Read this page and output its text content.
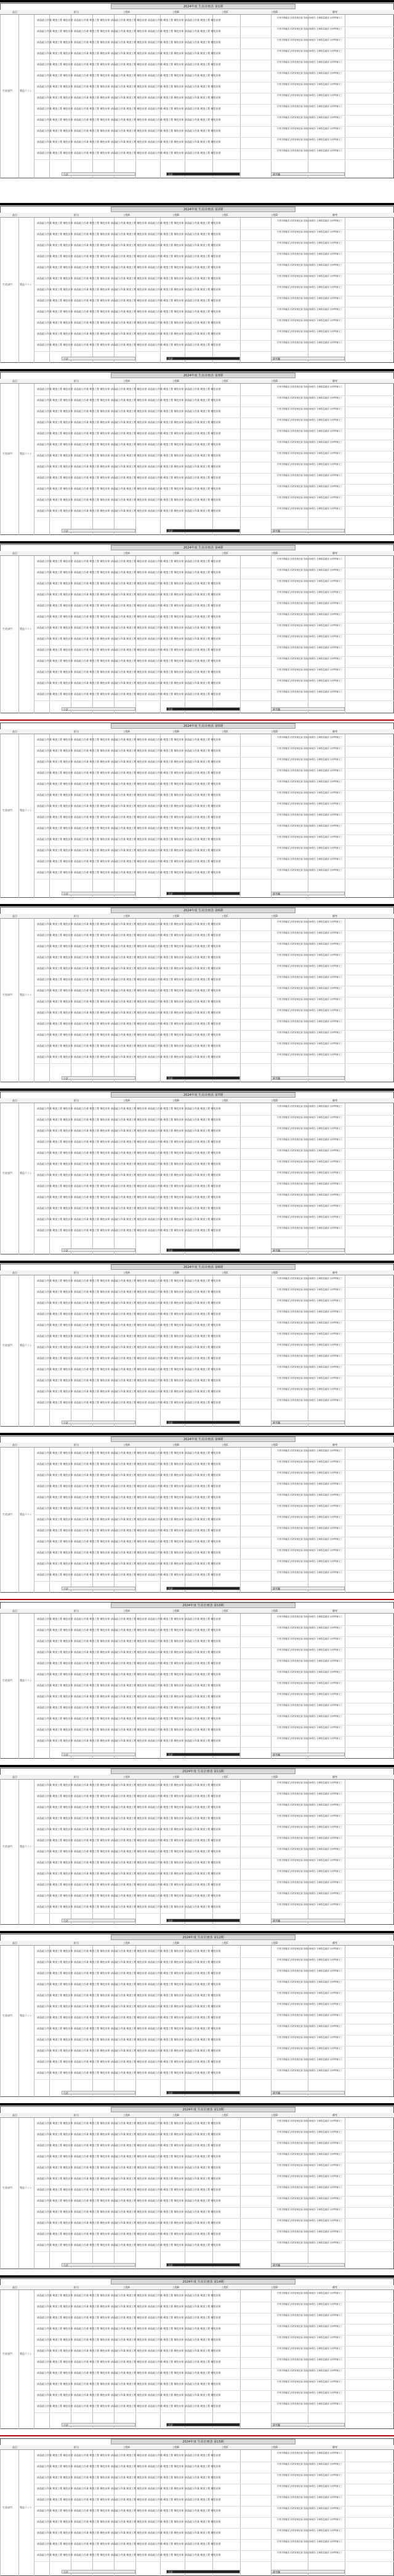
2024年度 生産計画表 第1期
品目	担当	工程A	工程B	工程C	工程D	備考
部品組立作業 検査工程 梱包出荷 部品組立作業 検査工程 梱包出荷 部品組立作業 検査工程 梱包出荷 部品組立作業 検査工程 梱包出荷 部品組立作業 検査工程 梱包出荷
作業手順確認 品質管理記録 設備点検報告 在庫数量確認 出荷準備完了
部品組立作業 検査工程 梱包出荷 部品組立作業 検査工程 梱包出荷 部品組立作業 検査工程 梱包出荷 部品組立作業 検査工程 梱包出荷 部品組立作業 検査工程 梱包出荷
作業手順確認 品質管理記録 設備点検報告 在庫数量確認 出荷準備完了
部品組立作業 検査工程 梱包出荷 部品組立作業 検査工程 梱包出荷 部品組立作業 検査工程 梱包出荷 部品組立作業 検査工程 梱包出荷 部品組立作業 検査工程 梱包出荷
作業手順確認 品質管理記録 設備点検報告 在庫数量確認 出荷準備完了
部品組立作業 検査工程 梱包出荷 部品組立作業 検査工程 梱包出荷 部品組立作業 検査工程 梱包出荷 部品組立作業 検査工程 梱包出荷 部品組立作業 検査工程 梱包出荷
作業手順確認 品質管理記録 設備点検報告 在庫数量確認 出荷準備完了
部品組立作業 検査工程 梱包出荷 部品組立作業 検査工程 梱包出荷 部品組立作業 検査工程 梱包出荷 部品組立作業 検査工程 梱包出荷 部品組立作業 検査工程 梱包出荷
作業手順確認 品質管理記録 設備点検報告 在庫数量確認 出荷準備完了
部品組立作業 検査工程 梱包出荷 部品組立作業 検査工程 梱包出荷 部品組立作業 検査工程 梱包出荷 部品組立作業 検査工程 梱包出荷 部品組立作業 検査工程 梱包出荷
作業手順確認 品質管理記録 設備点検報告 在庫数量確認 出荷準備完了
部品組立作業 検査工程 梱包出荷 部品組立作業 検査工程 梱包出荷 部品組立作業 検査工程 梱包出荷 部品組立作業 検査工程 梱包出荷 部品組立作業 検査工程 梱包出荷
作業手順確認 品質管理記録 設備点検報告 在庫数量確認 出荷準備完了
部品組立作業 検査工程 梱包出荷 部品組立作業 検査工程 梱包出荷 部品組立作業 検査工程 梱包出荷 部品組立作業 検査工程 梱包出荷 部品組立作業 検査工程 梱包出荷
作業手順確認 品質管理記録 設備点検報告 在庫数量確認 出荷準備完了
部品組立作業 検査工程 梱包出荷 部品組立作業 検査工程 梱包出荷 部品組立作業 検査工程 梱包出荷 部品組立作業 検査工程 梱包出荷 部品組立作業 検査工程 梱包出荷
作業手順確認 品質管理記録 設備点検報告 在庫数量確認 出荷準備完了
部品組立作業 検査工程 梱包出荷 部品組立作業 検査工程 梱包出荷 部品組立作業 検査工程 梱包出荷 部品組立作業 検査工程 梱包出荷 部品組立作業 検査工程 梱包出荷
作業手順確認 品質管理記録 設備点検報告 在庫数量確認 出荷準備完了
部品組立作業 検査工程 梱包出荷 部品組立作業 検査工程 梱包出荷 部品組立作業 検査工程 梱包出荷 部品組立作業 検査工程 梱包出荷 部品組立作業 検査工程 梱包出荷
作業手順確認 品質管理記録 設備点検報告 在庫数量確認 出荷準備完了
部品組立作業 検査工程 梱包出荷 部品組立作業 検査工程 梱包出荷 部品組立作業 検査工程 梱包出荷 部品組立作業 検査工程 梱包出荷 部品組立作業 検査工程 梱包出荷
作業手順確認 品質管理記録 設備点検報告 在庫数量確認 出荷準備完了
部品組立作業 検査工程 梱包出荷 部品組立作業 検査工程 梱包出荷 部品組立作業 検査工程 梱包出荷 部品組立作業 検査工程 梱包出荷 部品組立作業 検査工程 梱包出荷
作業手順確認 品質管理記録 設備点検報告 在庫数量確認 出荷準備完了
生産部門	製造ライン
小計	合計	備考欄
2024年度 生産計画表 第2期
品目	担当	工程A	工程B	工程C	工程D	備考
部品組立作業 検査工程 梱包出荷 部品組立作業 検査工程 梱包出荷 部品組立作業 検査工程 梱包出荷 部品組立作業 検査工程 梱包出荷 部品組立作業 検査工程 梱包出荷
作業手順確認 品質管理記録 設備点検報告 在庫数量確認 出荷準備完了
部品組立作業 検査工程 梱包出荷 部品組立作業 検査工程 梱包出荷 部品組立作業 検査工程 梱包出荷 部品組立作業 検査工程 梱包出荷 部品組立作業 検査工程 梱包出荷
作業手順確認 品質管理記録 設備点検報告 在庫数量確認 出荷準備完了
部品組立作業 検査工程 梱包出荷 部品組立作業 検査工程 梱包出荷 部品組立作業 検査工程 梱包出荷 部品組立作業 検査工程 梱包出荷 部品組立作業 検査工程 梱包出荷
作業手順確認 品質管理記録 設備点検報告 在庫数量確認 出荷準備完了
部品組立作業 検査工程 梱包出荷 部品組立作業 検査工程 梱包出荷 部品組立作業 検査工程 梱包出荷 部品組立作業 検査工程 梱包出荷 部品組立作業 検査工程 梱包出荷
作業手順確認 品質管理記録 設備点検報告 在庫数量確認 出荷準備完了
部品組立作業 検査工程 梱包出荷 部品組立作業 検査工程 梱包出荷 部品組立作業 検査工程 梱包出荷 部品組立作業 検査工程 梱包出荷 部品組立作業 検査工程 梱包出荷
作業手順確認 品質管理記録 設備点検報告 在庫数量確認 出荷準備完了
部品組立作業 検査工程 梱包出荷 部品組立作業 検査工程 梱包出荷 部品組立作業 検査工程 梱包出荷 部品組立作業 検査工程 梱包出荷 部品組立作業 検査工程 梱包出荷
作業手順確認 品質管理記録 設備点検報告 在庫数量確認 出荷準備完了
部品組立作業 検査工程 梱包出荷 部品組立作業 検査工程 梱包出荷 部品組立作業 検査工程 梱包出荷 部品組立作業 検査工程 梱包出荷 部品組立作業 検査工程 梱包出荷
作業手順確認 品質管理記録 設備点検報告 在庫数量確認 出荷準備完了
部品組立作業 検査工程 梱包出荷 部品組立作業 検査工程 梱包出荷 部品組立作業 検査工程 梱包出荷 部品組立作業 検査工程 梱包出荷 部品組立作業 検査工程 梱包出荷
作業手順確認 品質管理記録 設備点検報告 在庫数量確認 出荷準備完了
部品組立作業 検査工程 梱包出荷 部品組立作業 検査工程 梱包出荷 部品組立作業 検査工程 梱包出荷 部品組立作業 検査工程 梱包出荷 部品組立作業 検査工程 梱包出荷
作業手順確認 品質管理記録 設備点検報告 在庫数量確認 出荷準備完了
部品組立作業 検査工程 梱包出荷 部品組立作業 検査工程 梱包出荷 部品組立作業 検査工程 梱包出荷 部品組立作業 検査工程 梱包出荷 部品組立作業 検査工程 梱包出荷
作業手順確認 品質管理記録 設備点検報告 在庫数量確認 出荷準備完了
部品組立作業 検査工程 梱包出荷 部品組立作業 検査工程 梱包出荷 部品組立作業 検査工程 梱包出荷 部品組立作業 検査工程 梱包出荷 部品組立作業 検査工程 梱包出荷
作業手順確認 品質管理記録 設備点検報告 在庫数量確認 出荷準備完了
部品組立作業 検査工程 梱包出荷 部品組立作業 検査工程 梱包出荷 部品組立作業 検査工程 梱包出荷 部品組立作業 検査工程 梱包出荷 部品組立作業 検査工程 梱包出荷
作業手順確認 品質管理記録 設備点検報告 在庫数量確認 出荷準備完了
生産部門	製造ライン
小計	合計	備考欄
2024年度 生産計画表 第3期
品目	担当	工程A	工程B	工程C	工程D	備考
部品組立作業 検査工程 梱包出荷 部品組立作業 検査工程 梱包出荷 部品組立作業 検査工程 梱包出荷 部品組立作業 検査工程 梱包出荷 部品組立作業 検査工程 梱包出荷
作業手順確認 品質管理記録 設備点検報告 在庫数量確認 出荷準備完了
部品組立作業 検査工程 梱包出荷 部品組立作業 検査工程 梱包出荷 部品組立作業 検査工程 梱包出荷 部品組立作業 検査工程 梱包出荷 部品組立作業 検査工程 梱包出荷
作業手順確認 品質管理記録 設備点検報告 在庫数量確認 出荷準備完了
部品組立作業 検査工程 梱包出荷 部品組立作業 検査工程 梱包出荷 部品組立作業 検査工程 梱包出荷 部品組立作業 検査工程 梱包出荷 部品組立作業 検査工程 梱包出荷
作業手順確認 品質管理記録 設備点検報告 在庫数量確認 出荷準備完了
部品組立作業 検査工程 梱包出荷 部品組立作業 検査工程 梱包出荷 部品組立作業 検査工程 梱包出荷 部品組立作業 検査工程 梱包出荷 部品組立作業 検査工程 梱包出荷
作業手順確認 品質管理記録 設備点検報告 在庫数量確認 出荷準備完了
部品組立作業 検査工程 梱包出荷 部品組立作業 検査工程 梱包出荷 部品組立作業 検査工程 梱包出荷 部品組立作業 検査工程 梱包出荷 部品組立作業 検査工程 梱包出荷
作業手順確認 品質管理記録 設備点検報告 在庫数量確認 出荷準備完了
部品組立作業 検査工程 梱包出荷 部品組立作業 検査工程 梱包出荷 部品組立作業 検査工程 梱包出荷 部品組立作業 検査工程 梱包出荷 部品組立作業 検査工程 梱包出荷
作業手順確認 品質管理記録 設備点検報告 在庫数量確認 出荷準備完了
部品組立作業 検査工程 梱包出荷 部品組立作業 検査工程 梱包出荷 部品組立作業 検査工程 梱包出荷 部品組立作業 検査工程 梱包出荷 部品組立作業 検査工程 梱包出荷
作業手順確認 品質管理記録 設備点検報告 在庫数量確認 出荷準備完了
部品組立作業 検査工程 梱包出荷 部品組立作業 検査工程 梱包出荷 部品組立作業 検査工程 梱包出荷 部品組立作業 検査工程 梱包出荷 部品組立作業 検査工程 梱包出荷
作業手順確認 品質管理記録 設備点検報告 在庫数量確認 出荷準備完了
部品組立作業 検査工程 梱包出荷 部品組立作業 検査工程 梱包出荷 部品組立作業 検査工程 梱包出荷 部品組立作業 検査工程 梱包出荷 部品組立作業 検査工程 梱包出荷
作業手順確認 品質管理記録 設備点検報告 在庫数量確認 出荷準備完了
部品組立作業 検査工程 梱包出荷 部品組立作業 検査工程 梱包出荷 部品組立作業 検査工程 梱包出荷 部品組立作業 検査工程 梱包出荷 部品組立作業 検査工程 梱包出荷
作業手順確認 品質管理記録 設備点検報告 在庫数量確認 出荷準備完了
部品組立作業 検査工程 梱包出荷 部品組立作業 検査工程 梱包出荷 部品組立作業 検査工程 梱包出荷 部品組立作業 検査工程 梱包出荷 部品組立作業 検査工程 梱包出荷
作業手順確認 品質管理記録 設備点検報告 在庫数量確認 出荷準備完了
部品組立作業 検査工程 梱包出荷 部品組立作業 検査工程 梱包出荷 部品組立作業 検査工程 梱包出荷 部品組立作業 検査工程 梱包出荷 部品組立作業 検査工程 梱包出荷
作業手順確認 品質管理記録 設備点検報告 在庫数量確認 出荷準備完了
生産部門	製造ライン
小計	合計	備考欄
2024年度 生産計画表 第4期
品目	担当	工程A	工程B	工程C	工程D	備考
部品組立作業 検査工程 梱包出荷 部品組立作業 検査工程 梱包出荷 部品組立作業 検査工程 梱包出荷 部品組立作業 検査工程 梱包出荷 部品組立作業 検査工程 梱包出荷
作業手順確認 品質管理記録 設備点検報告 在庫数量確認 出荷準備完了
部品組立作業 検査工程 梱包出荷 部品組立作業 検査工程 梱包出荷 部品組立作業 検査工程 梱包出荷 部品組立作業 検査工程 梱包出荷 部品組立作業 検査工程 梱包出荷
作業手順確認 品質管理記録 設備点検報告 在庫数量確認 出荷準備完了
部品組立作業 検査工程 梱包出荷 部品組立作業 検査工程 梱包出荷 部品組立作業 検査工程 梱包出荷 部品組立作業 検査工程 梱包出荷 部品組立作業 検査工程 梱包出荷
作業手順確認 品質管理記録 設備点検報告 在庫数量確認 出荷準備完了
部品組立作業 検査工程 梱包出荷 部品組立作業 検査工程 梱包出荷 部品組立作業 検査工程 梱包出荷 部品組立作業 検査工程 梱包出荷 部品組立作業 検査工程 梱包出荷
作業手順確認 品質管理記録 設備点検報告 在庫数量確認 出荷準備完了
部品組立作業 検査工程 梱包出荷 部品組立作業 検査工程 梱包出荷 部品組立作業 検査工程 梱包出荷 部品組立作業 検査工程 梱包出荷 部品組立作業 検査工程 梱包出荷
作業手順確認 品質管理記録 設備点検報告 在庫数量確認 出荷準備完了
部品組立作業 検査工程 梱包出荷 部品組立作業 検査工程 梱包出荷 部品組立作業 検査工程 梱包出荷 部品組立作業 検査工程 梱包出荷 部品組立作業 検査工程 梱包出荷
作業手順確認 品質管理記録 設備点検報告 在庫数量確認 出荷準備完了
部品組立作業 検査工程 梱包出荷 部品組立作業 検査工程 梱包出荷 部品組立作業 検査工程 梱包出荷 部品組立作業 検査工程 梱包出荷 部品組立作業 検査工程 梱包出荷
作業手順確認 品質管理記録 設備点検報告 在庫数量確認 出荷準備完了
部品組立作業 検査工程 梱包出荷 部品組立作業 検査工程 梱包出荷 部品組立作業 検査工程 梱包出荷 部品組立作業 検査工程 梱包出荷 部品組立作業 検査工程 梱包出荷
作業手順確認 品質管理記録 設備点検報告 在庫数量確認 出荷準備完了
部品組立作業 検査工程 梱包出荷 部品組立作業 検査工程 梱包出荷 部品組立作業 検査工程 梱包出荷 部品組立作業 検査工程 梱包出荷 部品組立作業 検査工程 梱包出荷
作業手順確認 品質管理記録 設備点検報告 在庫数量確認 出荷準備完了
部品組立作業 検査工程 梱包出荷 部品組立作業 検査工程 梱包出荷 部品組立作業 検査工程 梱包出荷 部品組立作業 検査工程 梱包出荷 部品組立作業 検査工程 梱包出荷
作業手順確認 品質管理記録 設備点検報告 在庫数量確認 出荷準備完了
部品組立作業 検査工程 梱包出荷 部品組立作業 検査工程 梱包出荷 部品組立作業 検査工程 梱包出荷 部品組立作業 検査工程 梱包出荷 部品組立作業 検査工程 梱包出荷
作業手順確認 品質管理記録 設備点検報告 在庫数量確認 出荷準備完了
部品組立作業 検査工程 梱包出荷 部品組立作業 検査工程 梱包出荷 部品組立作業 検査工程 梱包出荷 部品組立作業 検査工程 梱包出荷 部品組立作業 検査工程 梱包出荷
作業手順確認 品質管理記録 設備点検報告 在庫数量確認 出荷準備完了
部品組立作業 検査工程 梱包出荷 部品組立作業 検査工程 梱包出荷 部品組立作業 検査工程 梱包出荷 部品組立作業 検査工程 梱包出荷 部品組立作業 検査工程 梱包出荷
作業手順確認 品質管理記録 設備点検報告 在庫数量確認 出荷準備完了
生産部門	製造ライン
小計	合計	備考欄
2024年度 生産計画表 第5期
品目	担当	工程A	工程B	工程C	工程D	備考
部品組立作業 検査工程 梱包出荷 部品組立作業 検査工程 梱包出荷 部品組立作業 検査工程 梱包出荷 部品組立作業 検査工程 梱包出荷 部品組立作業 検査工程 梱包出荷
作業手順確認 品質管理記録 設備点検報告 在庫数量確認 出荷準備完了
部品組立作業 検査工程 梱包出荷 部品組立作業 検査工程 梱包出荷 部品組立作業 検査工程 梱包出荷 部品組立作業 検査工程 梱包出荷 部品組立作業 検査工程 梱包出荷
作業手順確認 品質管理記録 設備点検報告 在庫数量確認 出荷準備完了
部品組立作業 検査工程 梱包出荷 部品組立作業 検査工程 梱包出荷 部品組立作業 検査工程 梱包出荷 部品組立作業 検査工程 梱包出荷 部品組立作業 検査工程 梱包出荷
作業手順確認 品質管理記録 設備点検報告 在庫数量確認 出荷準備完了
部品組立作業 検査工程 梱包出荷 部品組立作業 検査工程 梱包出荷 部品組立作業 検査工程 梱包出荷 部品組立作業 検査工程 梱包出荷 部品組立作業 検査工程 梱包出荷
作業手順確認 品質管理記録 設備点検報告 在庫数量確認 出荷準備完了
部品組立作業 検査工程 梱包出荷 部品組立作業 検査工程 梱包出荷 部品組立作業 検査工程 梱包出荷 部品組立作業 検査工程 梱包出荷 部品組立作業 検査工程 梱包出荷
作業手順確認 品質管理記録 設備点検報告 在庫数量確認 出荷準備完了
部品組立作業 検査工程 梱包出荷 部品組立作業 検査工程 梱包出荷 部品組立作業 検査工程 梱包出荷 部品組立作業 検査工程 梱包出荷 部品組立作業 検査工程 梱包出荷
作業手順確認 品質管理記録 設備点検報告 在庫数量確認 出荷準備完了
部品組立作業 検査工程 梱包出荷 部品組立作業 検査工程 梱包出荷 部品組立作業 検査工程 梱包出荷 部品組立作業 検査工程 梱包出荷 部品組立作業 検査工程 梱包出荷
作業手順確認 品質管理記録 設備点検報告 在庫数量確認 出荷準備完了
部品組立作業 検査工程 梱包出荷 部品組立作業 検査工程 梱包出荷 部品組立作業 検査工程 梱包出荷 部品組立作業 検査工程 梱包出荷 部品組立作業 検査工程 梱包出荷
作業手順確認 品質管理記録 設備点検報告 在庫数量確認 出荷準備完了
部品組立作業 検査工程 梱包出荷 部品組立作業 検査工程 梱包出荷 部品組立作業 検査工程 梱包出荷 部品組立作業 検査工程 梱包出荷 部品組立作業 検査工程 梱包出荷
作業手順確認 品質管理記録 設備点検報告 在庫数量確認 出荷準備完了
部品組立作業 検査工程 梱包出荷 部品組立作業 検査工程 梱包出荷 部品組立作業 検査工程 梱包出荷 部品組立作業 検査工程 梱包出荷 部品組立作業 検査工程 梱包出荷
作業手順確認 品質管理記録 設備点検報告 在庫数量確認 出荷準備完了
部品組立作業 検査工程 梱包出荷 部品組立作業 検査工程 梱包出荷 部品組立作業 検査工程 梱包出荷 部品組立作業 検査工程 梱包出荷 部品組立作業 検査工程 梱包出荷
作業手順確認 品質管理記録 設備点検報告 在庫数量確認 出荷準備完了
部品組立作業 検査工程 梱包出荷 部品組立作業 検査工程 梱包出荷 部品組立作業 検査工程 梱包出荷 部品組立作業 検査工程 梱包出荷 部品組立作業 検査工程 梱包出荷
作業手順確認 品質管理記録 設備点検報告 在庫数量確認 出荷準備完了
部品組立作業 検査工程 梱包出荷 部品組立作業 検査工程 梱包出荷 部品組立作業 検査工程 梱包出荷 部品組立作業 検査工程 梱包出荷 部品組立作業 検査工程 梱包出荷
作業手順確認 品質管理記録 設備点検報告 在庫数量確認 出荷準備完了
生産部門	製造ライン
小計	合計	備考欄
2024年度 生産計画表 第6期
品目	担当	工程A	工程B	工程C	工程D	備考
部品組立作業 検査工程 梱包出荷 部品組立作業 検査工程 梱包出荷 部品組立作業 検査工程 梱包出荷 部品組立作業 検査工程 梱包出荷 部品組立作業 検査工程 梱包出荷
作業手順確認 品質管理記録 設備点検報告 在庫数量確認 出荷準備完了
部品組立作業 検査工程 梱包出荷 部品組立作業 検査工程 梱包出荷 部品組立作業 検査工程 梱包出荷 部品組立作業 検査工程 梱包出荷 部品組立作業 検査工程 梱包出荷
作業手順確認 品質管理記録 設備点検報告 在庫数量確認 出荷準備完了
部品組立作業 検査工程 梱包出荷 部品組立作業 検査工程 梱包出荷 部品組立作業 検査工程 梱包出荷 部品組立作業 検査工程 梱包出荷 部品組立作業 検査工程 梱包出荷
作業手順確認 品質管理記録 設備点検報告 在庫数量確認 出荷準備完了
部品組立作業 検査工程 梱包出荷 部品組立作業 検査工程 梱包出荷 部品組立作業 検査工程 梱包出荷 部品組立作業 検査工程 梱包出荷 部品組立作業 検査工程 梱包出荷
作業手順確認 品質管理記録 設備点検報告 在庫数量確認 出荷準備完了
部品組立作業 検査工程 梱包出荷 部品組立作業 検査工程 梱包出荷 部品組立作業 検査工程 梱包出荷 部品組立作業 検査工程 梱包出荷 部品組立作業 検査工程 梱包出荷
作業手順確認 品質管理記録 設備点検報告 在庫数量確認 出荷準備完了
部品組立作業 検査工程 梱包出荷 部品組立作業 検査工程 梱包出荷 部品組立作業 検査工程 梱包出荷 部品組立作業 検査工程 梱包出荷 部品組立作業 検査工程 梱包出荷
作業手順確認 品質管理記録 設備点検報告 在庫数量確認 出荷準備完了
部品組立作業 検査工程 梱包出荷 部品組立作業 検査工程 梱包出荷 部品組立作業 検査工程 梱包出荷 部品組立作業 検査工程 梱包出荷 部品組立作業 検査工程 梱包出荷
作業手順確認 品質管理記録 設備点検報告 在庫数量確認 出荷準備完了
部品組立作業 検査工程 梱包出荷 部品組立作業 検査工程 梱包出荷 部品組立作業 検査工程 梱包出荷 部品組立作業 検査工程 梱包出荷 部品組立作業 検査工程 梱包出荷
作業手順確認 品質管理記録 設備点検報告 在庫数量確認 出荷準備完了
部品組立作業 検査工程 梱包出荷 部品組立作業 検査工程 梱包出荷 部品組立作業 検査工程 梱包出荷 部品組立作業 検査工程 梱包出荷 部品組立作業 検査工程 梱包出荷
作業手順確認 品質管理記録 設備点検報告 在庫数量確認 出荷準備完了
部品組立作業 検査工程 梱包出荷 部品組立作業 検査工程 梱包出荷 部品組立作業 検査工程 梱包出荷 部品組立作業 検査工程 梱包出荷 部品組立作業 検査工程 梱包出荷
作業手順確認 品質管理記録 設備点検報告 在庫数量確認 出荷準備完了
部品組立作業 検査工程 梱包出荷 部品組立作業 検査工程 梱包出荷 部品組立作業 検査工程 梱包出荷 部品組立作業 検査工程 梱包出荷 部品組立作業 検査工程 梱包出荷
作業手順確認 品質管理記録 設備点検報告 在庫数量確認 出荷準備完了
部品組立作業 検査工程 梱包出荷 部品組立作業 検査工程 梱包出荷 部品組立作業 検査工程 梱包出荷 部品組立作業 検査工程 梱包出荷 部品組立作業 検査工程 梱包出荷
作業手順確認 品質管理記録 設備点検報告 在庫数量確認 出荷準備完了
部品組立作業 検査工程 梱包出荷 部品組立作業 検査工程 梱包出荷 部品組立作業 検査工程 梱包出荷 部品組立作業 検査工程 梱包出荷 部品組立作業 検査工程 梱包出荷
作業手順確認 品質管理記録 設備点検報告 在庫数量確認 出荷準備完了
生産部門	製造ライン
小計	合計	備考欄
2024年度 生産計画表 第7期
品目	担当	工程A	工程B	工程C	工程D	備考
部品組立作業 検査工程 梱包出荷 部品組立作業 検査工程 梱包出荷 部品組立作業 検査工程 梱包出荷 部品組立作業 検査工程 梱包出荷 部品組立作業 検査工程 梱包出荷
作業手順確認 品質管理記録 設備点検報告 在庫数量確認 出荷準備完了
部品組立作業 検査工程 梱包出荷 部品組立作業 検査工程 梱包出荷 部品組立作業 検査工程 梱包出荷 部品組立作業 検査工程 梱包出荷 部品組立作業 検査工程 梱包出荷
作業手順確認 品質管理記録 設備点検報告 在庫数量確認 出荷準備完了
部品組立作業 検査工程 梱包出荷 部品組立作業 検査工程 梱包出荷 部品組立作業 検査工程 梱包出荷 部品組立作業 検査工程 梱包出荷 部品組立作業 検査工程 梱包出荷
作業手順確認 品質管理記録 設備点検報告 在庫数量確認 出荷準備完了
部品組立作業 検査工程 梱包出荷 部品組立作業 検査工程 梱包出荷 部品組立作業 検査工程 梱包出荷 部品組立作業 検査工程 梱包出荷 部品組立作業 検査工程 梱包出荷
作業手順確認 品質管理記録 設備点検報告 在庫数量確認 出荷準備完了
部品組立作業 検査工程 梱包出荷 部品組立作業 検査工程 梱包出荷 部品組立作業 検査工程 梱包出荷 部品組立作業 検査工程 梱包出荷 部品組立作業 検査工程 梱包出荷
作業手順確認 品質管理記録 設備点検報告 在庫数量確認 出荷準備完了
部品組立作業 検査工程 梱包出荷 部品組立作業 検査工程 梱包出荷 部品組立作業 検査工程 梱包出荷 部品組立作業 検査工程 梱包出荷 部品組立作業 検査工程 梱包出荷
作業手順確認 品質管理記録 設備点検報告 在庫数量確認 出荷準備完了
部品組立作業 検査工程 梱包出荷 部品組立作業 検査工程 梱包出荷 部品組立作業 検査工程 梱包出荷 部品組立作業 検査工程 梱包出荷 部品組立作業 検査工程 梱包出荷
作業手順確認 品質管理記録 設備点検報告 在庫数量確認 出荷準備完了
部品組立作業 検査工程 梱包出荷 部品組立作業 検査工程 梱包出荷 部品組立作業 検査工程 梱包出荷 部品組立作業 検査工程 梱包出荷 部品組立作業 検査工程 梱包出荷
作業手順確認 品質管理記録 設備点検報告 在庫数量確認 出荷準備完了
部品組立作業 検査工程 梱包出荷 部品組立作業 検査工程 梱包出荷 部品組立作業 検査工程 梱包出荷 部品組立作業 検査工程 梱包出荷 部品組立作業 検査工程 梱包出荷
作業手順確認 品質管理記録 設備点検報告 在庫数量確認 出荷準備完了
部品組立作業 検査工程 梱包出荷 部品組立作業 検査工程 梱包出荷 部品組立作業 検査工程 梱包出荷 部品組立作業 検査工程 梱包出荷 部品組立作業 検査工程 梱包出荷
作業手順確認 品質管理記録 設備点検報告 在庫数量確認 出荷準備完了
部品組立作業 検査工程 梱包出荷 部品組立作業 検査工程 梱包出荷 部品組立作業 検査工程 梱包出荷 部品組立作業 検査工程 梱包出荷 部品組立作業 検査工程 梱包出荷
作業手順確認 品質管理記録 設備点検報告 在庫数量確認 出荷準備完了
部品組立作業 検査工程 梱包出荷 部品組立作業 検査工程 梱包出荷 部品組立作業 検査工程 梱包出荷 部品組立作業 検査工程 梱包出荷 部品組立作業 検査工程 梱包出荷
作業手順確認 品質管理記録 設備点検報告 在庫数量確認 出荷準備完了
生産部門	製造ライン
小計	合計	備考欄
2024年度 生産計画表 第8期
品目	担当	工程A	工程B	工程C	工程D	備考
部品組立作業 検査工程 梱包出荷 部品組立作業 検査工程 梱包出荷 部品組立作業 検査工程 梱包出荷 部品組立作業 検査工程 梱包出荷 部品組立作業 検査工程 梱包出荷
作業手順確認 品質管理記録 設備点検報告 在庫数量確認 出荷準備完了
部品組立作業 検査工程 梱包出荷 部品組立作業 検査工程 梱包出荷 部品組立作業 検査工程 梱包出荷 部品組立作業 検査工程 梱包出荷 部品組立作業 検査工程 梱包出荷
作業手順確認 品質管理記録 設備点検報告 在庫数量確認 出荷準備完了
部品組立作業 検査工程 梱包出荷 部品組立作業 検査工程 梱包出荷 部品組立作業 検査工程 梱包出荷 部品組立作業 検査工程 梱包出荷 部品組立作業 検査工程 梱包出荷
作業手順確認 品質管理記録 設備点検報告 在庫数量確認 出荷準備完了
部品組立作業 検査工程 梱包出荷 部品組立作業 検査工程 梱包出荷 部品組立作業 検査工程 梱包出荷 部品組立作業 検査工程 梱包出荷 部品組立作業 検査工程 梱包出荷
作業手順確認 品質管理記録 設備点検報告 在庫数量確認 出荷準備完了
部品組立作業 検査工程 梱包出荷 部品組立作業 検査工程 梱包出荷 部品組立作業 検査工程 梱包出荷 部品組立作業 検査工程 梱包出荷 部品組立作業 検査工程 梱包出荷
作業手順確認 品質管理記録 設備点検報告 在庫数量確認 出荷準備完了
部品組立作業 検査工程 梱包出荷 部品組立作業 検査工程 梱包出荷 部品組立作業 検査工程 梱包出荷 部品組立作業 検査工程 梱包出荷 部品組立作業 検査工程 梱包出荷
作業手順確認 品質管理記録 設備点検報告 在庫数量確認 出荷準備完了
部品組立作業 検査工程 梱包出荷 部品組立作業 検査工程 梱包出荷 部品組立作業 検査工程 梱包出荷 部品組立作業 検査工程 梱包出荷 部品組立作業 検査工程 梱包出荷
作業手順確認 品質管理記録 設備点検報告 在庫数量確認 出荷準備完了
部品組立作業 検査工程 梱包出荷 部品組立作業 検査工程 梱包出荷 部品組立作業 検査工程 梱包出荷 部品組立作業 検査工程 梱包出荷 部品組立作業 検査工程 梱包出荷
作業手順確認 品質管理記録 設備点検報告 在庫数量確認 出荷準備完了
部品組立作業 検査工程 梱包出荷 部品組立作業 検査工程 梱包出荷 部品組立作業 検査工程 梱包出荷 部品組立作業 検査工程 梱包出荷 部品組立作業 検査工程 梱包出荷
作業手順確認 品質管理記録 設備点検報告 在庫数量確認 出荷準備完了
部品組立作業 検査工程 梱包出荷 部品組立作業 検査工程 梱包出荷 部品組立作業 検査工程 梱包出荷 部品組立作業 検査工程 梱包出荷 部品組立作業 検査工程 梱包出荷
作業手順確認 品質管理記録 設備点検報告 在庫数量確認 出荷準備完了
部品組立作業 検査工程 梱包出荷 部品組立作業 検査工程 梱包出荷 部品組立作業 検査工程 梱包出荷 部品組立作業 検査工程 梱包出荷 部品組立作業 検査工程 梱包出荷
作業手順確認 品質管理記録 設備点検報告 在庫数量確認 出荷準備完了
部品組立作業 検査工程 梱包出荷 部品組立作業 検査工程 梱包出荷 部品組立作業 検査工程 梱包出荷 部品組立作業 検査工程 梱包出荷 部品組立作業 検査工程 梱包出荷
作業手順確認 品質管理記録 設備点検報告 在庫数量確認 出荷準備完了
生産部門	製造ライン
小計	合計	備考欄
2024年度 生産計画表 第9期
品目	担当	工程A	工程B	工程C	工程D	備考
部品組立作業 検査工程 梱包出荷 部品組立作業 検査工程 梱包出荷 部品組立作業 検査工程 梱包出荷 部品組立作業 検査工程 梱包出荷 部品組立作業 検査工程 梱包出荷
作業手順確認 品質管理記録 設備点検報告 在庫数量確認 出荷準備完了
部品組立作業 検査工程 梱包出荷 部品組立作業 検査工程 梱包出荷 部品組立作業 検査工程 梱包出荷 部品組立作業 検査工程 梱包出荷 部品組立作業 検査工程 梱包出荷
作業手順確認 品質管理記録 設備点検報告 在庫数量確認 出荷準備完了
部品組立作業 検査工程 梱包出荷 部品組立作業 検査工程 梱包出荷 部品組立作業 検査工程 梱包出荷 部品組立作業 検査工程 梱包出荷 部品組立作業 検査工程 梱包出荷
作業手順確認 品質管理記録 設備点検報告 在庫数量確認 出荷準備完了
部品組立作業 検査工程 梱包出荷 部品組立作業 検査工程 梱包出荷 部品組立作業 検査工程 梱包出荷 部品組立作業 検査工程 梱包出荷 部品組立作業 検査工程 梱包出荷
作業手順確認 品質管理記録 設備点検報告 在庫数量確認 出荷準備完了
部品組立作業 検査工程 梱包出荷 部品組立作業 検査工程 梱包出荷 部品組立作業 検査工程 梱包出荷 部品組立作業 検査工程 梱包出荷 部品組立作業 検査工程 梱包出荷
作業手順確認 品質管理記録 設備点検報告 在庫数量確認 出荷準備完了
部品組立作業 検査工程 梱包出荷 部品組立作業 検査工程 梱包出荷 部品組立作業 検査工程 梱包出荷 部品組立作業 検査工程 梱包出荷 部品組立作業 検査工程 梱包出荷
作業手順確認 品質管理記録 設備点検報告 在庫数量確認 出荷準備完了
部品組立作業 検査工程 梱包出荷 部品組立作業 検査工程 梱包出荷 部品組立作業 検査工程 梱包出荷 部品組立作業 検査工程 梱包出荷 部品組立作業 検査工程 梱包出荷
作業手順確認 品質管理記録 設備点検報告 在庫数量確認 出荷準備完了
部品組立作業 検査工程 梱包出荷 部品組立作業 検査工程 梱包出荷 部品組立作業 検査工程 梱包出荷 部品組立作業 検査工程 梱包出荷 部品組立作業 検査工程 梱包出荷
作業手順確認 品質管理記録 設備点検報告 在庫数量確認 出荷準備完了
部品組立作業 検査工程 梱包出荷 部品組立作業 検査工程 梱包出荷 部品組立作業 検査工程 梱包出荷 部品組立作業 検査工程 梱包出荷 部品組立作業 検査工程 梱包出荷
作業手順確認 品質管理記録 設備点検報告 在庫数量確認 出荷準備完了
部品組立作業 検査工程 梱包出荷 部品組立作業 検査工程 梱包出荷 部品組立作業 検査工程 梱包出荷 部品組立作業 検査工程 梱包出荷 部品組立作業 検査工程 梱包出荷
作業手順確認 品質管理記録 設備点検報告 在庫数量確認 出荷準備完了
部品組立作業 検査工程 梱包出荷 部品組立作業 検査工程 梱包出荷 部品組立作業 検査工程 梱包出荷 部品組立作業 検査工程 梱包出荷 部品組立作業 検査工程 梱包出荷
作業手順確認 品質管理記録 設備点検報告 在庫数量確認 出荷準備完了
部品組立作業 検査工程 梱包出荷 部品組立作業 検査工程 梱包出荷 部品組立作業 検査工程 梱包出荷 部品組立作業 検査工程 梱包出荷 部品組立作業 検査工程 梱包出荷
作業手順確認 品質管理記録 設備点検報告 在庫数量確認 出荷準備完了
生産部門	製造ライン
小計	合計	備考欄
2024年度 生産計画表 第10期
品目	担当	工程A	工程B	工程C	工程D	備考
部品組立作業 検査工程 梱包出荷 部品組立作業 検査工程 梱包出荷 部品組立作業 検査工程 梱包出荷 部品組立作業 検査工程 梱包出荷 部品組立作業 検査工程 梱包出荷
作業手順確認 品質管理記録 設備点検報告 在庫数量確認 出荷準備完了
部品組立作業 検査工程 梱包出荷 部品組立作業 検査工程 梱包出荷 部品組立作業 検査工程 梱包出荷 部品組立作業 検査工程 梱包出荷 部品組立作業 検査工程 梱包出荷
作業手順確認 品質管理記録 設備点検報告 在庫数量確認 出荷準備完了
部品組立作業 検査工程 梱包出荷 部品組立作業 検査工程 梱包出荷 部品組立作業 検査工程 梱包出荷 部品組立作業 検査工程 梱包出荷 部品組立作業 検査工程 梱包出荷
作業手順確認 品質管理記録 設備点検報告 在庫数量確認 出荷準備完了
部品組立作業 検査工程 梱包出荷 部品組立作業 検査工程 梱包出荷 部品組立作業 検査工程 梱包出荷 部品組立作業 検査工程 梱包出荷 部品組立作業 検査工程 梱包出荷
作業手順確認 品質管理記録 設備点検報告 在庫数量確認 出荷準備完了
部品組立作業 検査工程 梱包出荷 部品組立作業 検査工程 梱包出荷 部品組立作業 検査工程 梱包出荷 部品組立作業 検査工程 梱包出荷 部品組立作業 検査工程 梱包出荷
作業手順確認 品質管理記録 設備点検報告 在庫数量確認 出荷準備完了
部品組立作業 検査工程 梱包出荷 部品組立作業 検査工程 梱包出荷 部品組立作業 検査工程 梱包出荷 部品組立作業 検査工程 梱包出荷 部品組立作業 検査工程 梱包出荷
作業手順確認 品質管理記録 設備点検報告 在庫数量確認 出荷準備完了
部品組立作業 検査工程 梱包出荷 部品組立作業 検査工程 梱包出荷 部品組立作業 検査工程 梱包出荷 部品組立作業 検査工程 梱包出荷 部品組立作業 検査工程 梱包出荷
作業手順確認 品質管理記録 設備点検報告 在庫数量確認 出荷準備完了
部品組立作業 検査工程 梱包出荷 部品組立作業 検査工程 梱包出荷 部品組立作業 検査工程 梱包出荷 部品組立作業 検査工程 梱包出荷 部品組立作業 検査工程 梱包出荷
作業手順確認 品質管理記録 設備点検報告 在庫数量確認 出荷準備完了
部品組立作業 検査工程 梱包出荷 部品組立作業 検査工程 梱包出荷 部品組立作業 検査工程 梱包出荷 部品組立作業 検査工程 梱包出荷 部品組立作業 検査工程 梱包出荷
作業手順確認 品質管理記録 設備点検報告 在庫数量確認 出荷準備完了
部品組立作業 検査工程 梱包出荷 部品組立作業 検査工程 梱包出荷 部品組立作業 検査工程 梱包出荷 部品組立作業 検査工程 梱包出荷 部品組立作業 検査工程 梱包出荷
作業手順確認 品質管理記録 設備点検報告 在庫数量確認 出荷準備完了
部品組立作業 検査工程 梱包出荷 部品組立作業 検査工程 梱包出荷 部品組立作業 検査工程 梱包出荷 部品組立作業 検査工程 梱包出荷 部品組立作業 検査工程 梱包出荷
作業手順確認 品質管理記録 設備点検報告 在庫数量確認 出荷準備完了
部品組立作業 検査工程 梱包出荷 部品組立作業 検査工程 梱包出荷 部品組立作業 検査工程 梱包出荷 部品組立作業 検査工程 梱包出荷 部品組立作業 検査工程 梱包出荷
作業手順確認 品質管理記録 設備点検報告 在庫数量確認 出荷準備完了
生産部門	製造ライン
小計	合計	備考欄
2024年度 生産計画表 第11期
品目	担当	工程A	工程B	工程C	工程D	備考
部品組立作業 検査工程 梱包出荷 部品組立作業 検査工程 梱包出荷 部品組立作業 検査工程 梱包出荷 部品組立作業 検査工程 梱包出荷 部品組立作業 検査工程 梱包出荷
作業手順確認 品質管理記録 設備点検報告 在庫数量確認 出荷準備完了
部品組立作業 検査工程 梱包出荷 部品組立作業 検査工程 梱包出荷 部品組立作業 検査工程 梱包出荷 部品組立作業 検査工程 梱包出荷 部品組立作業 検査工程 梱包出荷
作業手順確認 品質管理記録 設備点検報告 在庫数量確認 出荷準備完了
部品組立作業 検査工程 梱包出荷 部品組立作業 検査工程 梱包出荷 部品組立作業 検査工程 梱包出荷 部品組立作業 検査工程 梱包出荷 部品組立作業 検査工程 梱包出荷
作業手順確認 品質管理記録 設備点検報告 在庫数量確認 出荷準備完了
部品組立作業 検査工程 梱包出荷 部品組立作業 検査工程 梱包出荷 部品組立作業 検査工程 梱包出荷 部品組立作業 検査工程 梱包出荷 部品組立作業 検査工程 梱包出荷
作業手順確認 品質管理記録 設備点検報告 在庫数量確認 出荷準備完了
部品組立作業 検査工程 梱包出荷 部品組立作業 検査工程 梱包出荷 部品組立作業 検査工程 梱包出荷 部品組立作業 検査工程 梱包出荷 部品組立作業 検査工程 梱包出荷
作業手順確認 品質管理記録 設備点検報告 在庫数量確認 出荷準備完了
部品組立作業 検査工程 梱包出荷 部品組立作業 検査工程 梱包出荷 部品組立作業 検査工程 梱包出荷 部品組立作業 検査工程 梱包出荷 部品組立作業 検査工程 梱包出荷
作業手順確認 品質管理記録 設備点検報告 在庫数量確認 出荷準備完了
部品組立作業 検査工程 梱包出荷 部品組立作業 検査工程 梱包出荷 部品組立作業 検査工程 梱包出荷 部品組立作業 検査工程 梱包出荷 部品組立作業 検査工程 梱包出荷
作業手順確認 品質管理記録 設備点検報告 在庫数量確認 出荷準備完了
部品組立作業 検査工程 梱包出荷 部品組立作業 検査工程 梱包出荷 部品組立作業 検査工程 梱包出荷 部品組立作業 検査工程 梱包出荷 部品組立作業 検査工程 梱包出荷
作業手順確認 品質管理記録 設備点検報告 在庫数量確認 出荷準備完了
部品組立作業 検査工程 梱包出荷 部品組立作業 検査工程 梱包出荷 部品組立作業 検査工程 梱包出荷 部品組立作業 検査工程 梱包出荷 部品組立作業 検査工程 梱包出荷
作業手順確認 品質管理記録 設備点検報告 在庫数量確認 出荷準備完了
部品組立作業 検査工程 梱包出荷 部品組立作業 検査工程 梱包出荷 部品組立作業 検査工程 梱包出荷 部品組立作業 検査工程 梱包出荷 部品組立作業 検査工程 梱包出荷
作業手順確認 品質管理記録 設備点検報告 在庫数量確認 出荷準備完了
部品組立作業 検査工程 梱包出荷 部品組立作業 検査工程 梱包出荷 部品組立作業 検査工程 梱包出荷 部品組立作業 検査工程 梱包出荷 部品組立作業 検査工程 梱包出荷
作業手順確認 品質管理記録 設備点検報告 在庫数量確認 出荷準備完了
部品組立作業 検査工程 梱包出荷 部品組立作業 検査工程 梱包出荷 部品組立作業 検査工程 梱包出荷 部品組立作業 検査工程 梱包出荷 部品組立作業 検査工程 梱包出荷
作業手順確認 品質管理記録 設備点検報告 在庫数量確認 出荷準備完了
生産部門	製造ライン
小計	合計	備考欄
2024年度 生産計画表 第12期
品目	担当	工程A	工程B	工程C	工程D	備考
部品組立作業 検査工程 梱包出荷 部品組立作業 検査工程 梱包出荷 部品組立作業 検査工程 梱包出荷 部品組立作業 検査工程 梱包出荷 部品組立作業 検査工程 梱包出荷
作業手順確認 品質管理記録 設備点検報告 在庫数量確認 出荷準備完了
部品組立作業 検査工程 梱包出荷 部品組立作業 検査工程 梱包出荷 部品組立作業 検査工程 梱包出荷 部品組立作業 検査工程 梱包出荷 部品組立作業 検査工程 梱包出荷
作業手順確認 品質管理記録 設備点検報告 在庫数量確認 出荷準備完了
部品組立作業 検査工程 梱包出荷 部品組立作業 検査工程 梱包出荷 部品組立作業 検査工程 梱包出荷 部品組立作業 検査工程 梱包出荷 部品組立作業 検査工程 梱包出荷
作業手順確認 品質管理記録 設備点検報告 在庫数量確認 出荷準備完了
部品組立作業 検査工程 梱包出荷 部品組立作業 検査工程 梱包出荷 部品組立作業 検査工程 梱包出荷 部品組立作業 検査工程 梱包出荷 部品組立作業 検査工程 梱包出荷
作業手順確認 品質管理記録 設備点検報告 在庫数量確認 出荷準備完了
部品組立作業 検査工程 梱包出荷 部品組立作業 検査工程 梱包出荷 部品組立作業 検査工程 梱包出荷 部品組立作業 検査工程 梱包出荷 部品組立作業 検査工程 梱包出荷
作業手順確認 品質管理記録 設備点検報告 在庫数量確認 出荷準備完了
部品組立作業 検査工程 梱包出荷 部品組立作業 検査工程 梱包出荷 部品組立作業 検査工程 梱包出荷 部品組立作業 検査工程 梱包出荷 部品組立作業 検査工程 梱包出荷
作業手順確認 品質管理記録 設備点検報告 在庫数量確認 出荷準備完了
部品組立作業 検査工程 梱包出荷 部品組立作業 検査工程 梱包出荷 部品組立作業 検査工程 梱包出荷 部品組立作業 検査工程 梱包出荷 部品組立作業 検査工程 梱包出荷
作業手順確認 品質管理記録 設備点検報告 在庫数量確認 出荷準備完了
部品組立作業 検査工程 梱包出荷 部品組立作業 検査工程 梱包出荷 部品組立作業 検査工程 梱包出荷 部品組立作業 検査工程 梱包出荷 部品組立作業 検査工程 梱包出荷
作業手順確認 品質管理記録 設備点検報告 在庫数量確認 出荷準備完了
部品組立作業 検査工程 梱包出荷 部品組立作業 検査工程 梱包出荷 部品組立作業 検査工程 梱包出荷 部品組立作業 検査工程 梱包出荷 部品組立作業 検査工程 梱包出荷
作業手順確認 品質管理記録 設備点検報告 在庫数量確認 出荷準備完了
部品組立作業 検査工程 梱包出荷 部品組立作業 検査工程 梱包出荷 部品組立作業 検査工程 梱包出荷 部品組立作業 検査工程 梱包出荷 部品組立作業 検査工程 梱包出荷
作業手順確認 品質管理記録 設備点検報告 在庫数量確認 出荷準備完了
部品組立作業 検査工程 梱包出荷 部品組立作業 検査工程 梱包出荷 部品組立作業 検査工程 梱包出荷 部品組立作業 検査工程 梱包出荷 部品組立作業 検査工程 梱包出荷
作業手順確認 品質管理記録 設備点検報告 在庫数量確認 出荷準備完了
部品組立作業 検査工程 梱包出荷 部品組立作業 検査工程 梱包出荷 部品組立作業 検査工程 梱包出荷 部品組立作業 検査工程 梱包出荷 部品組立作業 検査工程 梱包出荷
作業手順確認 品質管理記録 設備点検報告 在庫数量確認 出荷準備完了
生産部門	製造ライン
小計	合計	備考欄
2024年度 生産計画表 第13期
品目	担当	工程A	工程B	工程C	工程D	備考
部品組立作業 検査工程 梱包出荷 部品組立作業 検査工程 梱包出荷 部品組立作業 検査工程 梱包出荷 部品組立作業 検査工程 梱包出荷 部品組立作業 検査工程 梱包出荷
作業手順確認 品質管理記録 設備点検報告 在庫数量確認 出荷準備完了
部品組立作業 検査工程 梱包出荷 部品組立作業 検査工程 梱包出荷 部品組立作業 検査工程 梱包出荷 部品組立作業 検査工程 梱包出荷 部品組立作業 検査工程 梱包出荷
作業手順確認 品質管理記録 設備点検報告 在庫数量確認 出荷準備完了
部品組立作業 検査工程 梱包出荷 部品組立作業 検査工程 梱包出荷 部品組立作業 検査工程 梱包出荷 部品組立作業 検査工程 梱包出荷 部品組立作業 検査工程 梱包出荷
作業手順確認 品質管理記録 設備点検報告 在庫数量確認 出荷準備完了
部品組立作業 検査工程 梱包出荷 部品組立作業 検査工程 梱包出荷 部品組立作業 検査工程 梱包出荷 部品組立作業 検査工程 梱包出荷 部品組立作業 検査工程 梱包出荷
作業手順確認 品質管理記録 設備点検報告 在庫数量確認 出荷準備完了
部品組立作業 検査工程 梱包出荷 部品組立作業 検査工程 梱包出荷 部品組立作業 検査工程 梱包出荷 部品組立作業 検査工程 梱包出荷 部品組立作業 検査工程 梱包出荷
作業手順確認 品質管理記録 設備点検報告 在庫数量確認 出荷準備完了
部品組立作業 検査工程 梱包出荷 部品組立作業 検査工程 梱包出荷 部品組立作業 検査工程 梱包出荷 部品組立作業 検査工程 梱包出荷 部品組立作業 検査工程 梱包出荷
作業手順確認 品質管理記録 設備点検報告 在庫数量確認 出荷準備完了
部品組立作業 検査工程 梱包出荷 部品組立作業 検査工程 梱包出荷 部品組立作業 検査工程 梱包出荷 部品組立作業 検査工程 梱包出荷 部品組立作業 検査工程 梱包出荷
作業手順確認 品質管理記録 設備点検報告 在庫数量確認 出荷準備完了
部品組立作業 検査工程 梱包出荷 部品組立作業 検査工程 梱包出荷 部品組立作業 検査工程 梱包出荷 部品組立作業 検査工程 梱包出荷 部品組立作業 検査工程 梱包出荷
作業手順確認 品質管理記録 設備点検報告 在庫数量確認 出荷準備完了
部品組立作業 検査工程 梱包出荷 部品組立作業 検査工程 梱包出荷 部品組立作業 検査工程 梱包出荷 部品組立作業 検査工程 梱包出荷 部品組立作業 検査工程 梱包出荷
作業手順確認 品質管理記録 設備点検報告 在庫数量確認 出荷準備完了
部品組立作業 検査工程 梱包出荷 部品組立作業 検査工程 梱包出荷 部品組立作業 検査工程 梱包出荷 部品組立作業 検査工程 梱包出荷 部品組立作業 検査工程 梱包出荷
作業手順確認 品質管理記録 設備点検報告 在庫数量確認 出荷準備完了
部品組立作業 検査工程 梱包出荷 部品組立作業 検査工程 梱包出荷 部品組立作業 検査工程 梱包出荷 部品組立作業 検査工程 梱包出荷 部品組立作業 検査工程 梱包出荷
作業手順確認 品質管理記録 設備点検報告 在庫数量確認 出荷準備完了
部品組立作業 検査工程 梱包出荷 部品組立作業 検査工程 梱包出荷 部品組立作業 検査工程 梱包出荷 部品組立作業 検査工程 梱包出荷 部品組立作業 検査工程 梱包出荷
作業手順確認 品質管理記録 設備点検報告 在庫数量確認 出荷準備完了
生産部門	製造ライン
小計	合計	備考欄
2024年度 生産計画表 第14期
品目	担当	工程A	工程B	工程C	工程D	備考
部品組立作業 検査工程 梱包出荷 部品組立作業 検査工程 梱包出荷 部品組立作業 検査工程 梱包出荷 部品組立作業 検査工程 梱包出荷 部品組立作業 検査工程 梱包出荷
作業手順確認 品質管理記録 設備点検報告 在庫数量確認 出荷準備完了
部品組立作業 検査工程 梱包出荷 部品組立作業 検査工程 梱包出荷 部品組立作業 検査工程 梱包出荷 部品組立作業 検査工程 梱包出荷 部品組立作業 検査工程 梱包出荷
作業手順確認 品質管理記録 設備点検報告 在庫数量確認 出荷準備完了
部品組立作業 検査工程 梱包出荷 部品組立作業 検査工程 梱包出荷 部品組立作業 検査工程 梱包出荷 部品組立作業 検査工程 梱包出荷 部品組立作業 検査工程 梱包出荷
作業手順確認 品質管理記録 設備点検報告 在庫数量確認 出荷準備完了
部品組立作業 検査工程 梱包出荷 部品組立作業 検査工程 梱包出荷 部品組立作業 検査工程 梱包出荷 部品組立作業 検査工程 梱包出荷 部品組立作業 検査工程 梱包出荷
作業手順確認 品質管理記録 設備点検報告 在庫数量確認 出荷準備完了
部品組立作業 検査工程 梱包出荷 部品組立作業 検査工程 梱包出荷 部品組立作業 検査工程 梱包出荷 部品組立作業 検査工程 梱包出荷 部品組立作業 検査工程 梱包出荷
作業手順確認 品質管理記録 設備点検報告 在庫数量確認 出荷準備完了
部品組立作業 検査工程 梱包出荷 部品組立作業 検査工程 梱包出荷 部品組立作業 検査工程 梱包出荷 部品組立作業 検査工程 梱包出荷 部品組立作業 検査工程 梱包出荷
作業手順確認 品質管理記録 設備点検報告 在庫数量確認 出荷準備完了
部品組立作業 検査工程 梱包出荷 部品組立作業 検査工程 梱包出荷 部品組立作業 検査工程 梱包出荷 部品組立作業 検査工程 梱包出荷 部品組立作業 検査工程 梱包出荷
作業手順確認 品質管理記録 設備点検報告 在庫数量確認 出荷準備完了
部品組立作業 検査工程 梱包出荷 部品組立作業 検査工程 梱包出荷 部品組立作業 検査工程 梱包出荷 部品組立作業 検査工程 梱包出荷 部品組立作業 検査工程 梱包出荷
作業手順確認 品質管理記録 設備点検報告 在庫数量確認 出荷準備完了
部品組立作業 検査工程 梱包出荷 部品組立作業 検査工程 梱包出荷 部品組立作業 検査工程 梱包出荷 部品組立作業 検査工程 梱包出荷 部品組立作業 検査工程 梱包出荷
作業手順確認 品質管理記録 設備点検報告 在庫数量確認 出荷準備完了
部品組立作業 検査工程 梱包出荷 部品組立作業 検査工程 梱包出荷 部品組立作業 検査工程 梱包出荷 部品組立作業 検査工程 梱包出荷 部品組立作業 検査工程 梱包出荷
作業手順確認 品質管理記録 設備点検報告 在庫数量確認 出荷準備完了
部品組立作業 検査工程 梱包出荷 部品組立作業 検査工程 梱包出荷 部品組立作業 検査工程 梱包出荷 部品組立作業 検査工程 梱包出荷 部品組立作業 検査工程 梱包出荷
作業手順確認 品質管理記録 設備点検報告 在庫数量確認 出荷準備完了
生産部門	製造ライン
小計	合計	備考欄
2024年度 生産計画表 第15期
品目	担当	工程A	工程B	工程C	工程D	備考
部品組立作業 検査工程 梱包出荷 部品組立作業 検査工程 梱包出荷 部品組立作業 検査工程 梱包出荷 部品組立作業 検査工程 梱包出荷 部品組立作業 検査工程 梱包出荷
作業手順確認 品質管理記録 設備点検報告 在庫数量確認 出荷準備完了
部品組立作業 検査工程 梱包出荷 部品組立作業 検査工程 梱包出荷 部品組立作業 検査工程 梱包出荷 部品組立作業 検査工程 梱包出荷 部品組立作業 検査工程 梱包出荷
作業手順確認 品質管理記録 設備点検報告 在庫数量確認 出荷準備完了
部品組立作業 検査工程 梱包出荷 部品組立作業 検査工程 梱包出荷 部品組立作業 検査工程 梱包出荷 部品組立作業 検査工程 梱包出荷 部品組立作業 検査工程 梱包出荷
作業手順確認 品質管理記録 設備点検報告 在庫数量確認 出荷準備完了
部品組立作業 検査工程 梱包出荷 部品組立作業 検査工程 梱包出荷 部品組立作業 検査工程 梱包出荷 部品組立作業 検査工程 梱包出荷 部品組立作業 検査工程 梱包出荷
作業手順確認 品質管理記録 設備点検報告 在庫数量確認 出荷準備完了
部品組立作業 検査工程 梱包出荷 部品組立作業 検査工程 梱包出荷 部品組立作業 検査工程 梱包出荷 部品組立作業 検査工程 梱包出荷 部品組立作業 検査工程 梱包出荷
作業手順確認 品質管理記録 設備点検報告 在庫数量確認 出荷準備完了
部品組立作業 検査工程 梱包出荷 部品組立作業 検査工程 梱包出荷 部品組立作業 検査工程 梱包出荷 部品組立作業 検査工程 梱包出荷 部品組立作業 検査工程 梱包出荷
作業手順確認 品質管理記録 設備点検報告 在庫数量確認 出荷準備完了
部品組立作業 検査工程 梱包出荷 部品組立作業 検査工程 梱包出荷 部品組立作業 検査工程 梱包出荷 部品組立作業 検査工程 梱包出荷 部品組立作業 検査工程 梱包出荷
作業手順確認 品質管理記録 設備点検報告 在庫数量確認 出荷準備完了
部品組立作業 検査工程 梱包出荷 部品組立作業 検査工程 梱包出荷 部品組立作業 検査工程 梱包出荷 部品組立作業 検査工程 梱包出荷 部品組立作業 検査工程 梱包出荷
作業手順確認 品質管理記録 設備点検報告 在庫数量確認 出荷準備完了
部品組立作業 検査工程 梱包出荷 部品組立作業 検査工程 梱包出荷 部品組立作業 検査工程 梱包出荷 部品組立作業 検査工程 梱包出荷 部品組立作業 検査工程 梱包出荷
作業手順確認 品質管理記録 設備点検報告 在庫数量確認 出荷準備完了
部品組立作業 検査工程 梱包出荷 部品組立作業 検査工程 梱包出荷 部品組立作業 検査工程 梱包出荷 部品組立作業 検査工程 梱包出荷 部品組立作業 検査工程 梱包出荷
作業手順確認 品質管理記録 設備点検報告 在庫数量確認 出荷準備完了
生産部門	製造ライン
小計	合計	備考欄
